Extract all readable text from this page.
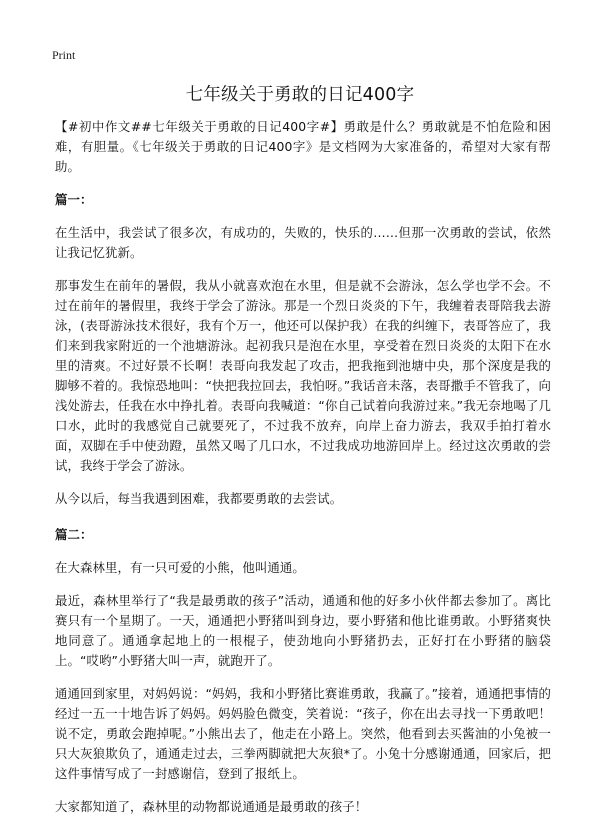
Print
七年级关于勇敢的日记400字

【#初中作文##七年级关于勇敢的日记400字#】勇敢是什么？勇敢就是不怕危险和困难，有胆量。《七年级关于勇敢的日记400字》是文档网为大家准备的，希望对大家有帮助。

篇一：

在生活中，我尝试了很多次，有成功的，失败的，快乐的……但那一次勇敢的尝试，依然让我记忆犹新。

那事发生在前年的暑假，我从小就喜欢泡在水里，但是就不会游泳，怎么学也学不会。不过在前年的暑假里，我终于学会了游泳。那是一个烈日炎炎的下午，我缠着表哥陪我去游泳，(表哥游泳技术很好，我有个万一，他还可以保护我）在我的纠缠下，表哥答应了，我们来到我家附近的一个池塘游泳。起初我只是泡在水里，享受着在烈日炎炎的太阳下在水里的清爽。不过好景不长啊！表哥向我发起了攻击，把我拖到池塘中央，那个深度是我的脚够不着的。我惊恐地叫：“快把我拉回去，我怕呀。”我话音未落，表哥撒手不管我了，向浅处游去，任我在水中挣扎着。表哥向我喊道：“你自己试着向我游过来。”我无奈地喝了几口水，此时的我感觉自己就要死了，不过我不放弃，向岸上奋力游去，我双手拍打着水面，双脚在手中使劲蹬，虽然又喝了几口水，不过我成功地游回岸上。经过这次勇敢的尝试，我终于学会了游泳。

从今以后，每当我遇到困难，我都要勇敢的去尝试。

篇二：

在大森林里，有一只可爱的小熊，他叫通通。

最近，森林里举行了“我是最勇敢的孩子”活动，通通和他的好多小伙伴都去参加了。离比赛只有一个星期了。一天，通通把小野猪叫到身边，要小野猪和他比谁勇敢。小野猪爽快地同意了。通通拿起地上的一根棍子，使劲地向小野猪扔去，正好打在小野猪的脑袋上。“哎哟”小野猪大叫一声，就跑开了。

通通回到家里，对妈妈说：“妈妈，我和小野猪比赛谁勇敢，我赢了。”接着，通通把事情的经过一五一十地告诉了妈妈。妈妈脸色微变，笑着说：“孩子，你在出去寻找一下勇敢吧！说不定，勇敢会跑掉呢。”小熊出去了，他走在小路上。突然，他看到去买酱油的小兔被一只大灰狼欺负了，通通走过去，三拳两脚就把大灰狼*了。小兔十分感谢通通，回家后，把这件事情写成了一封感谢信，登到了报纸上。

大家都知道了，森林里的动物都说通通是最勇敢的孩子！
